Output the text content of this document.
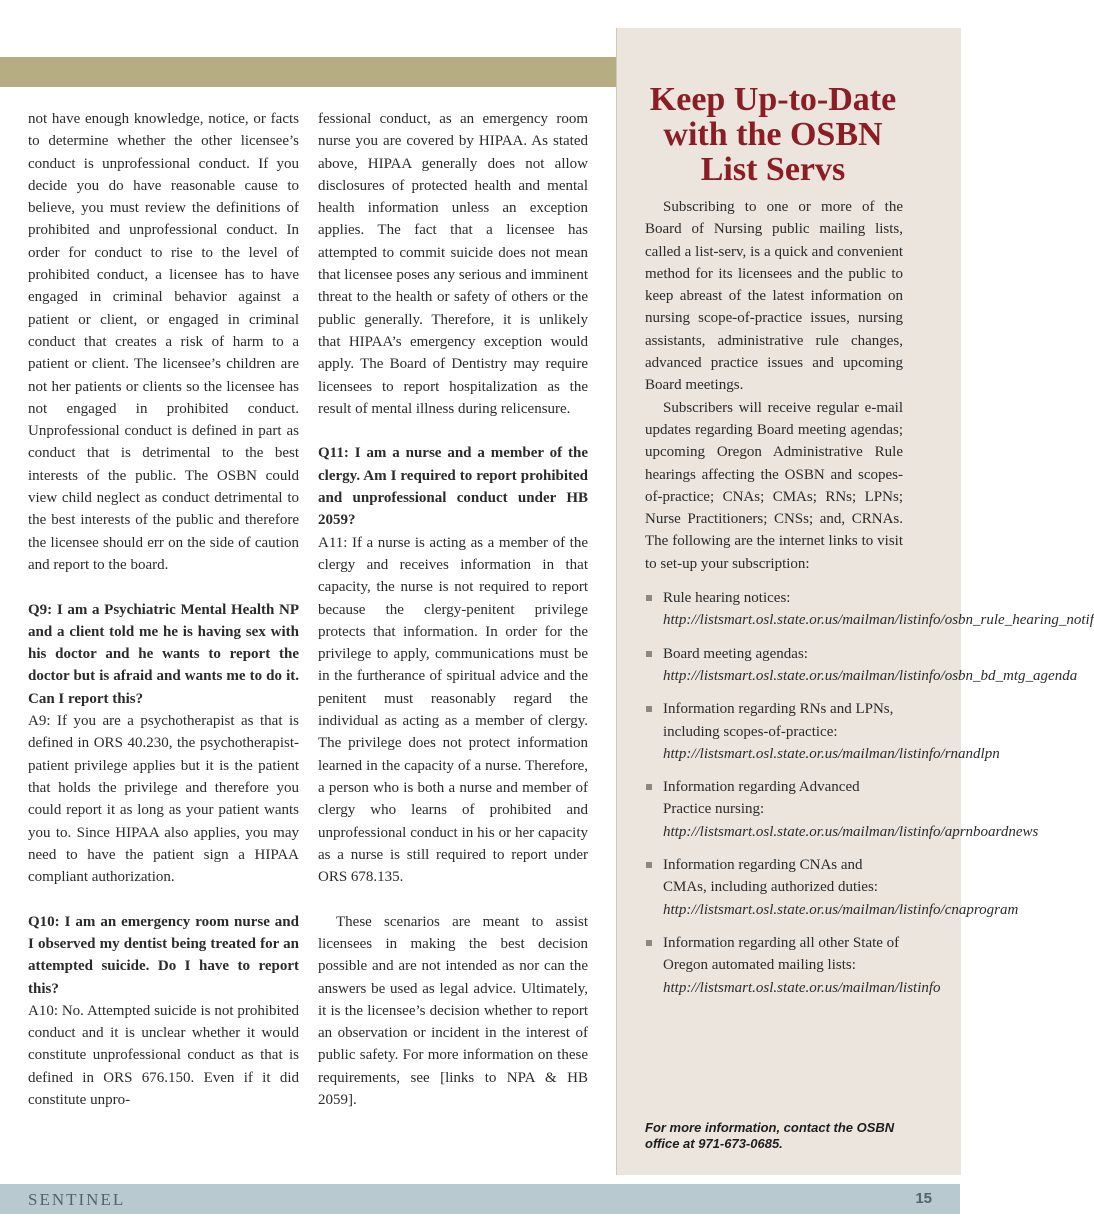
not have enough knowledge, notice, or facts to determine whether the other licensee’s conduct is unprofessional conduct. If you decide you do have reasonable cause to believe, you must review the definitions of prohibited and unprofessional conduct. In order for conduct to rise to the level of prohibited conduct, a licensee has to have engaged in criminal behavior against a patient or client, or engaged in criminal conduct that creates a risk of harm to a patient or client. The licensee’s children are not her patients or clients so the licensee has not engaged in prohibited conduct. Unprofessional conduct is defined in part as conduct that is detrimental to the best interests of the public. The OSBN could view child neglect as conduct detrimental to the best interests of the public and therefore the licensee should err on the side of caution and report to the board.

Q9: I am a Psychiatric Mental Health NP and a client told me he is having sex with his doctor and he wants to report the doctor but is afraid and wants me to do it. Can I report this?

A9: If you are a psychotherapist as that is defined in ORS 40.230, the psychotherapist-patient privilege applies but it is the patient that holds the privilege and therefore you could report it as long as your patient wants you to. Since HIPAA also applies, you may need to have the patient sign a HIPAA compliant authorization.

Q10: I am an emergency room nurse and I observed my dentist being treated for an attempted suicide. Do I have to report this?

A10: No. Attempted suicide is not prohibited conduct and it is unclear whether it would constitute unprofessional conduct as that is defined in ORS 676.150. Even if it did constitute unpro-

fessional conduct, as an emergency room nurse you are covered by HIPAA. As stated above, HIPAA generally does not allow disclosures of protected health and mental health information unless an exception applies. The fact that a licensee has attempted to commit suicide does not mean that licensee poses any serious and imminent threat to the health or safety of others or the public generally. Therefore, it is unlikely that HIPAA’s emergency exception would apply. The Board of Dentistry may require licensees to report hospitalization as the result of mental illness during relicensure.

Q11: I am a nurse and a member of the clergy. Am I required to report prohibited and unprofessional conduct under HB 2059?

A11: If a nurse is acting as a member of the clergy and receives information in that capacity, the nurse is not required to report because the clergy-penitent privilege protects that information. In order for the privilege to apply, communications must be in the furtherance of spiritual advice and the penitent must reasonably regard the individual as acting as a member of clergy. The privilege does not protect information learned in the capacity of a nurse. Therefore, a person who is both a nurse and member of clergy who learns of prohibited and unprofessional conduct in his or her capacity as a nurse is still required to report under ORS 678.135.

These scenarios are meant to assist licensees in making the best decision possible and are not intended as nor can the answers be used as legal advice. Ultimately, it is the licensee’s decision whether to report an observation or incident in the interest of public safety. For more information on these requirements, see [links to NPA & HB 2059].

Keep Up-to-Date with the OSBN List Servs

Subscribing to one or more of the Board of Nursing public mailing lists, called a list-serv, is a quick and convenient method for its licensees and the public to keep abreast of the latest information on nursing scope-of-practice issues, nursing assistants, administrative rule changes, advanced practice issues and upcoming Board meetings.

Subscribers will receive regular e-mail updates regarding Board meeting agendas; upcoming Oregon Administrative Rule hearings affecting the OSBN and scopes-of-practice; CNAs; CMAs; RNs; LPNs; Nurse Practitioners; CNSs; and, CRNAs. The following are the internet links to visit to set-up your subscription:

Rule hearing notices: http://listsmart.osl.state.or.us/mailman/listinfo/osbn_rule_hearing_notif
Board meeting agendas: http://listsmart.osl.state.or.us/mailman/listinfo/osbn_bd_mtg_agenda
Information regarding RNs and LPNs, including scopes-of-practice: http://listsmart.osl.state.or.us/mailman/listinfo/rnandlpn
Information regarding Advanced Practice nursing: http://listsmart.osl.state.or.us/mailman/listinfo/aprnboardnews
Information regarding CNAs and CMAs, including authorized duties: http://listsmart.osl.state.or.us/mailman/listinfo/cnaprogram
Information regarding all other State of Oregon automated mailing lists: http://listsmart.osl.state.or.us/mailman/listinfo
For more information, contact the OSBN office at 971-673-0685.
SENTINEL	15
